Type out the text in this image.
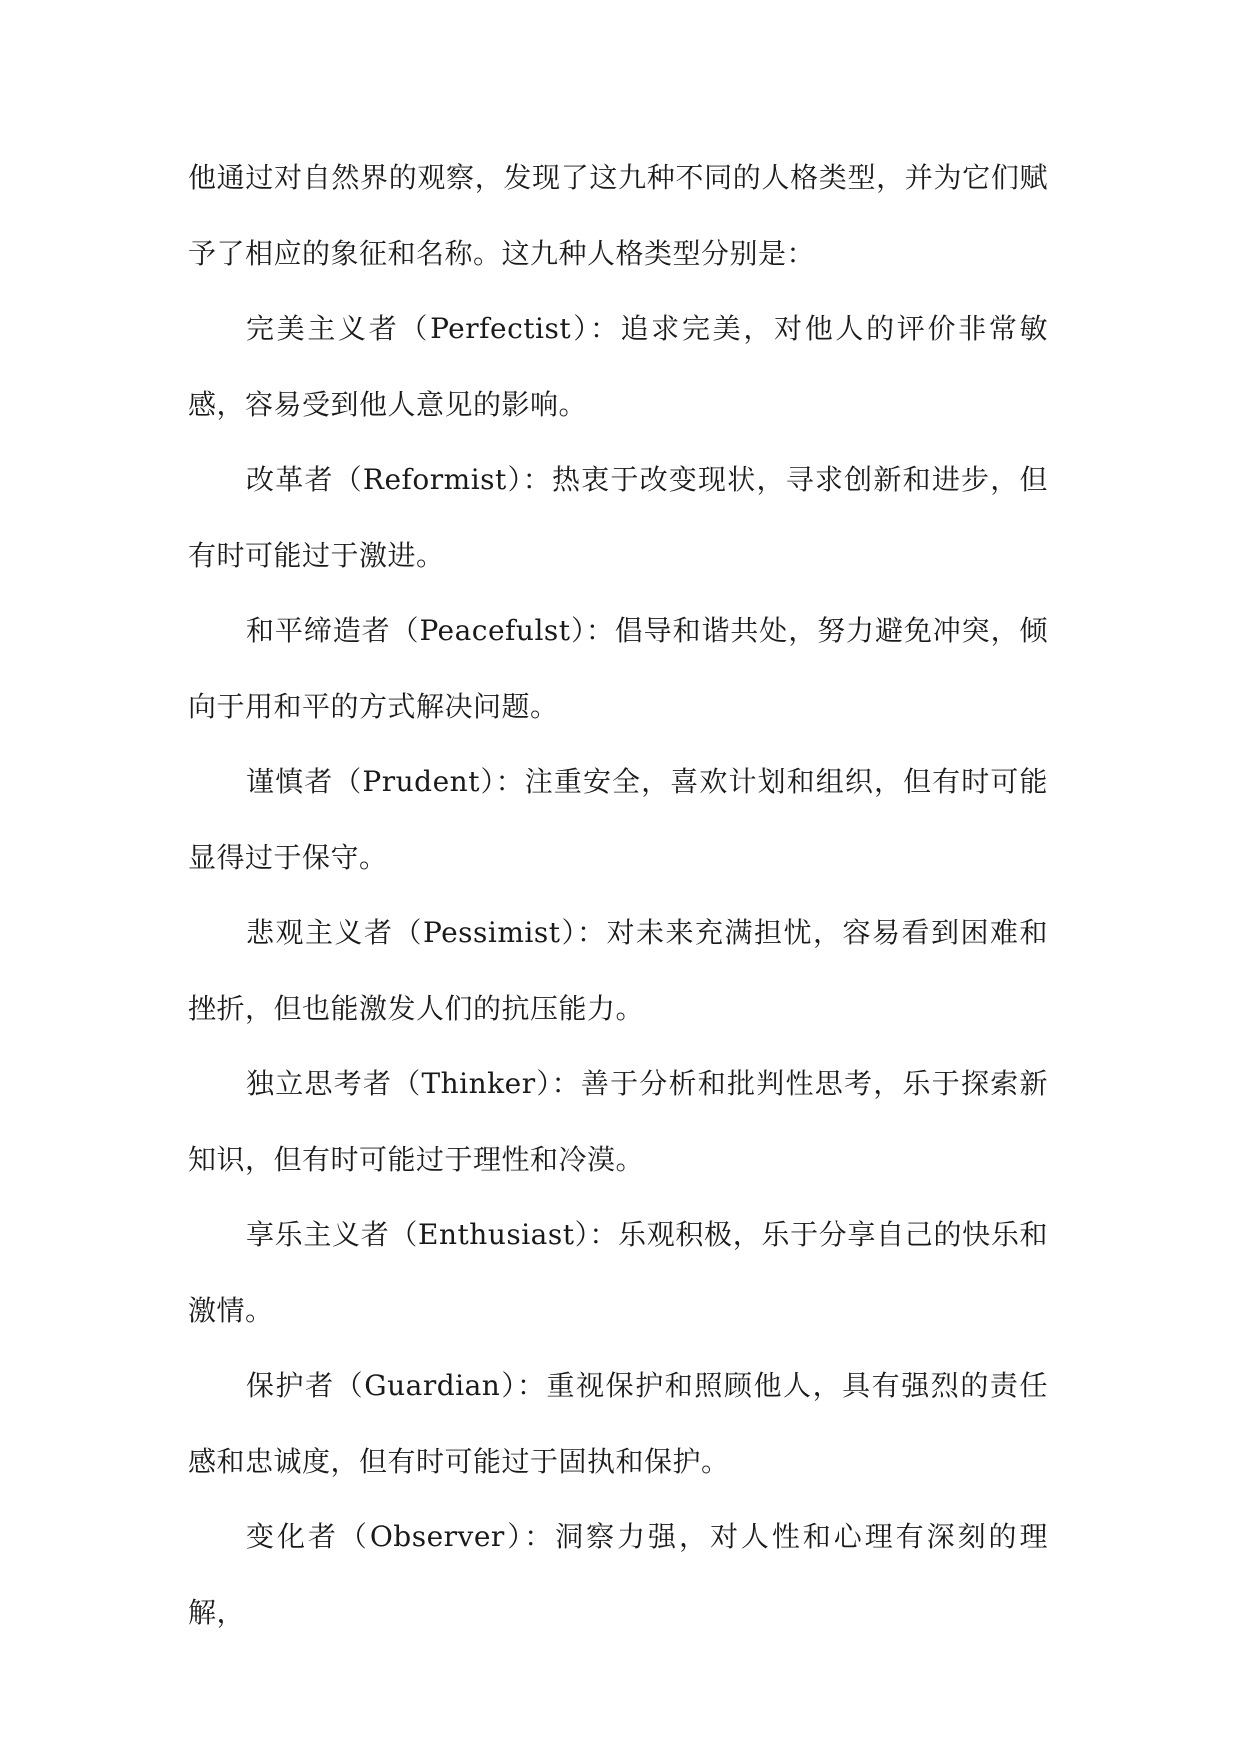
他通过对自然界的观察，发现了这九种不同的人格类型，并为它们赋予了相应的象征和名称。这九种人格类型分别是：

完美主义者（Perfectist）：追求完美，对他人的评价非常敏感，容易受到他人意见的影响。

改革者（Reformist）：热衷于改变现状，寻求创新和进步，但有时可能过于激进。

和平缔造者（Peacefulst）：倡导和谐共处，努力避免冲突，倾向于用和平的方式解决问题。

谨慎者（Prudent）：注重安全，喜欢计划和组织，但有时可能显得过于保守。

悲观主义者（Pessimist）：对未来充满担忧，容易看到困难和挫折，但也能激发人们的抗压能力。

独立思考者（Thinker）：善于分析和批判性思考，乐于探索新知识，但有时可能过于理性和冷漠。

享乐主义者（Enthusiast）：乐观积极，乐于分享自己的快乐和激情。

保护者（Guardian）：重视保护和照顾他人，具有强烈的责任感和忠诚度，但有时可能过于固执和保护。

变化者（Observer）：洞察力强，对人性和心理有深刻的理解，
